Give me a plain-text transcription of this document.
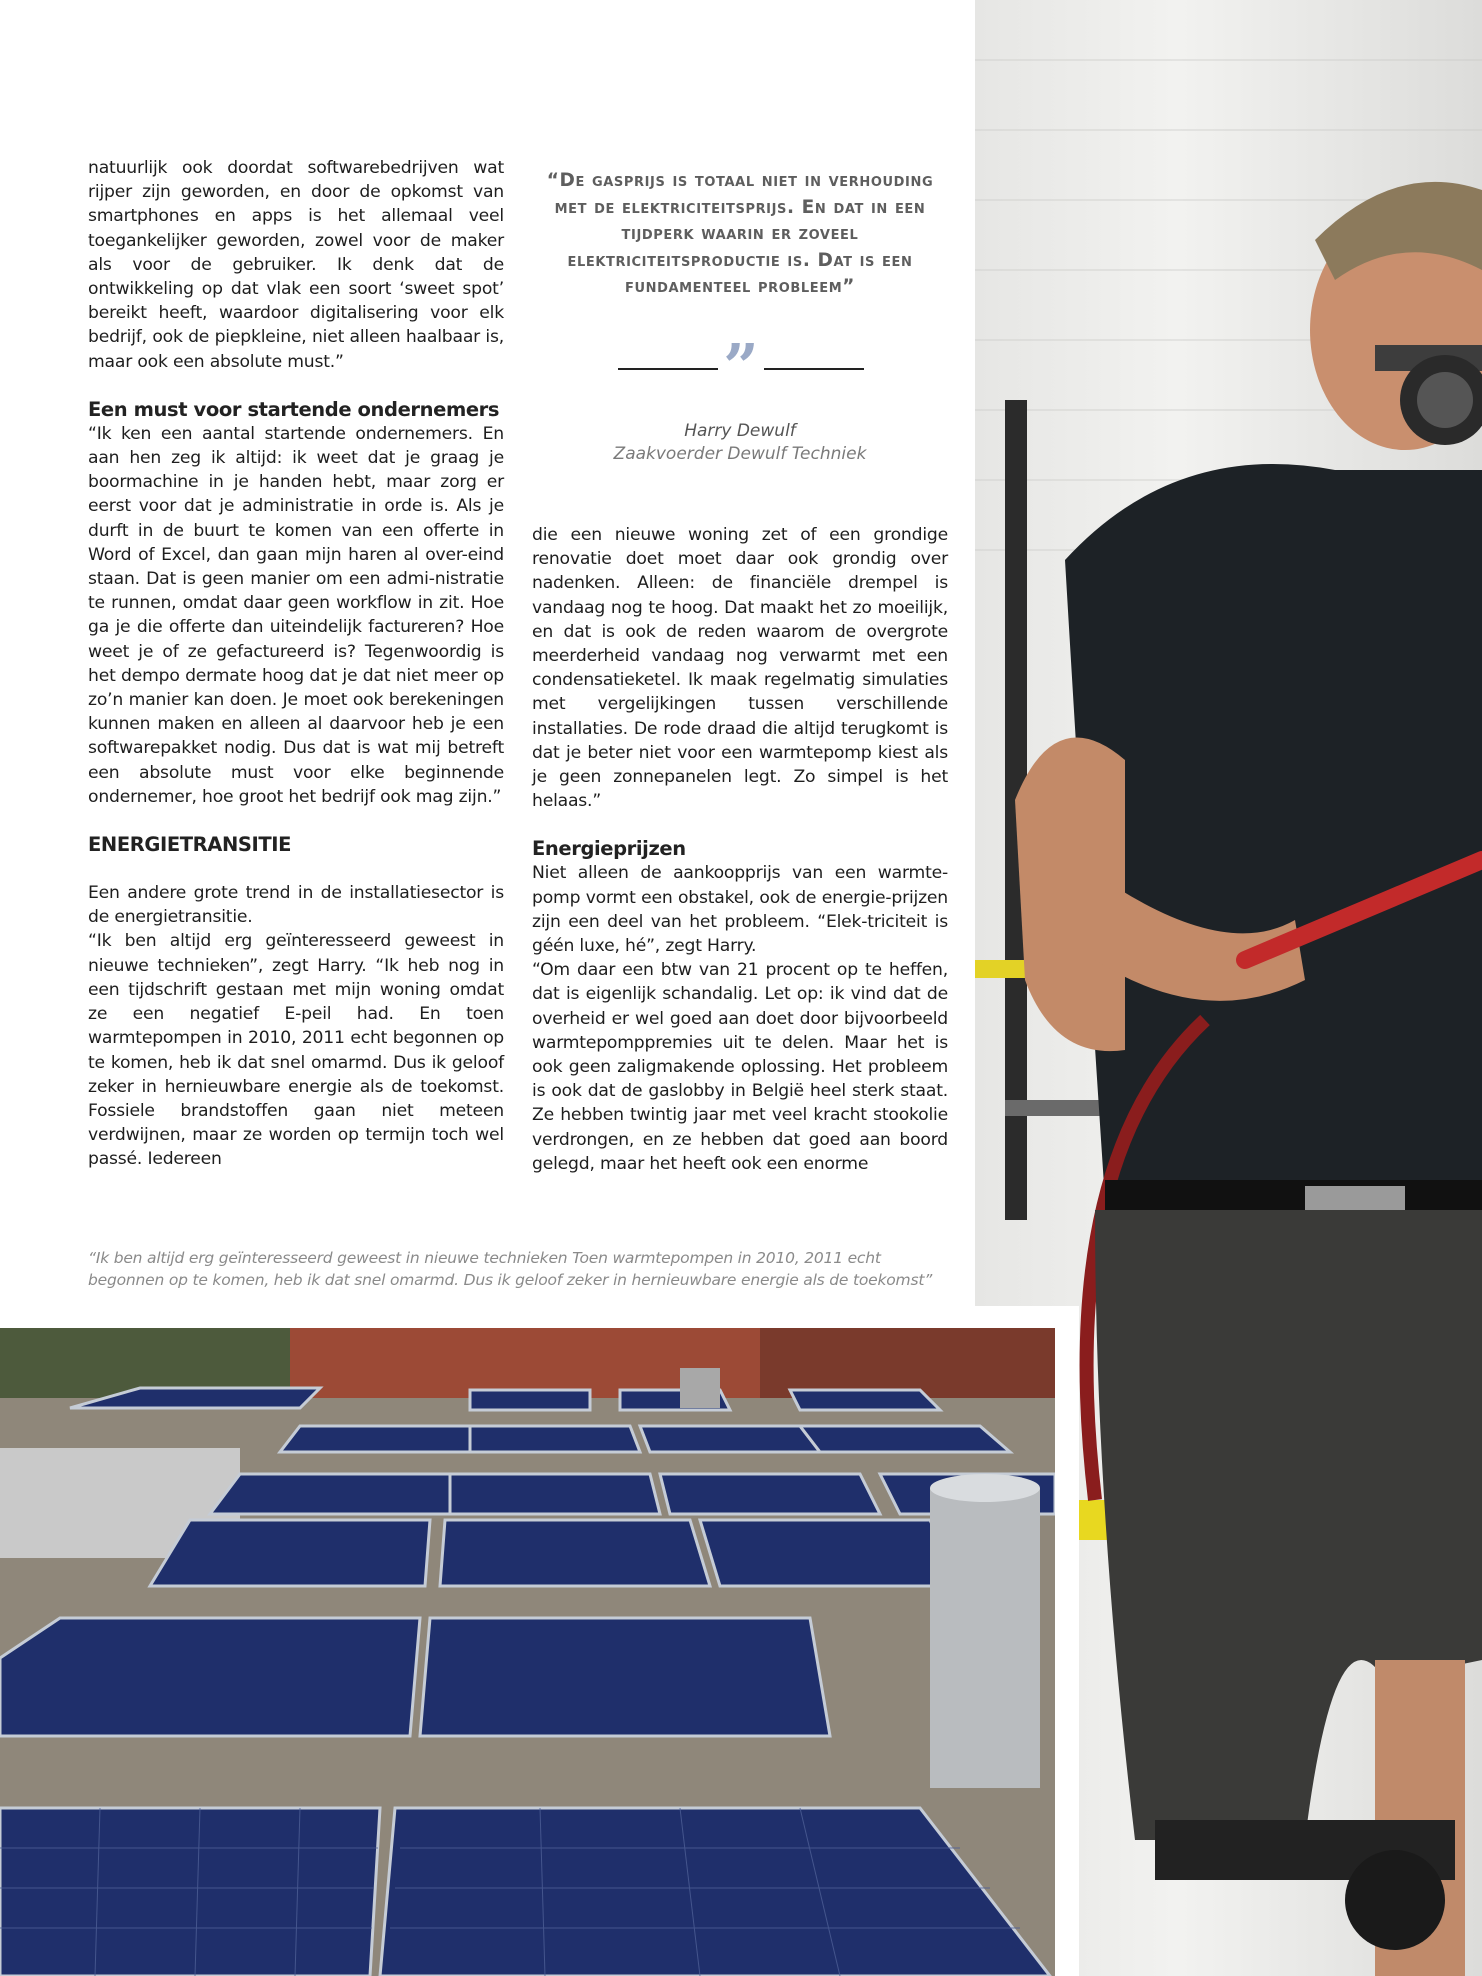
natuurlijk ook doordat softwarebedrijven wat rijper zijn geworden, en door de opkomst van smartphones en apps is het allemaal veel toegankelijker geworden, zowel voor de maker als voor de gebruiker. Ik denk dat de ontwikkeling op dat vlak een soort ‘sweet spot’ bereikt heeft, waardoor digitalisering voor elk bedrijf, ook de piepkleine, niet alleen haalbaar is, maar ook een absolute must.”

Een must voor startende ondernemers

“Ik ken een aantal startende ondernemers. En aan hen zeg ik altijd: ik weet dat je graag je boormachine in je handen hebt, maar zorg er eerst voor dat je administratie in orde is. Als je durft in de buurt te komen van een offerte in Word of Excel, dan gaan mijn haren al over-eind staan. Dat is geen manier om een admi-nistratie te runnen, omdat daar geen workflow in zit. Hoe ga je die offerte dan uiteindelijk factureren? Hoe weet je of ze gefactureerd is? Tegenwoordig is het dempo dermate hoog dat je dat niet meer op zo’n manier kan doen. Je moet ook berekeningen kunnen maken en alleen al daarvoor heb je een softwarepakket nodig. Dus dat is wat mij betreft een absolute must voor elke beginnende ondernemer, hoe groot het bedrijf ook mag zijn.”

ENERGIETRANSITIE

Een andere grote trend in de installatiesector is de energietransitie.

“Ik ben altijd erg geïnteresseerd geweest in nieuwe technieken”, zegt Harry. “Ik heb nog in een tijdschrift gestaan met mijn woning omdat ze een negatief E-peil had. En toen warmtepompen in 2010, 2011 echt begonnen op te komen, heb ik dat snel omarmd. Dus ik geloof zeker in hernieuwbare energie als de toekomst. Fossiele brandstoffen gaan niet meteen verdwijnen, maar ze worden op termijn toch wel passé. Iedereen

“De gasprijs is totaal niet in verhouding met de elektriciteitsprijs. En dat in een tijdperk waarin er zoveel elektriciteitsproductie is. Dat is een fundamenteel probleem”
”
Harry Dewulf
Zaakvoerder Dewulf Techniek

die een nieuwe woning zet of een grondige renovatie doet moet daar ook grondig over nadenken. Alleen: de financiële drempel is vandaag nog te hoog. Dat maakt het zo moeilijk, en dat is ook de reden waarom de overgrote meerderheid vandaag nog verwarmt met een condensatieketel. Ik maak regelmatig simulaties met vergelijkingen tussen verschillende installaties. De rode draad die altijd terugkomt is dat je beter niet voor een warmtepomp kiest als je geen zonnepanelen legt. Zo simpel is het helaas.”

Energieprijzen

Niet alleen de aankoopprijs van een warmte-pomp vormt een obstakel, ook de energie-prijzen zijn een deel van het probleem. “Elek-triciteit is géén luxe, hé”, zegt Harry.

“Om daar een btw van 21 procent op te heffen, dat is eigenlijk schandalig. Let op: ik vind dat de overheid er wel goed aan doet door bijvoorbeeld warmtepomppremies uit te delen. Maar het is ook geen zaligmakende oplossing. Het probleem is ook dat de gaslobby in België heel sterk staat. Ze hebben twintig jaar met veel kracht stookolie verdrongen, en ze hebben dat goed aan boord gelegd, maar het heeft ook een enorme

“Ik ben altijd erg geïnteresseerd geweest in nieuwe technieken Toen warmtepompen in 2010, 2011 echt begonnen op te komen, heb ik dat snel omarmd. Dus ik geloof zeker in hernieuwbare energie als de toekomst”
